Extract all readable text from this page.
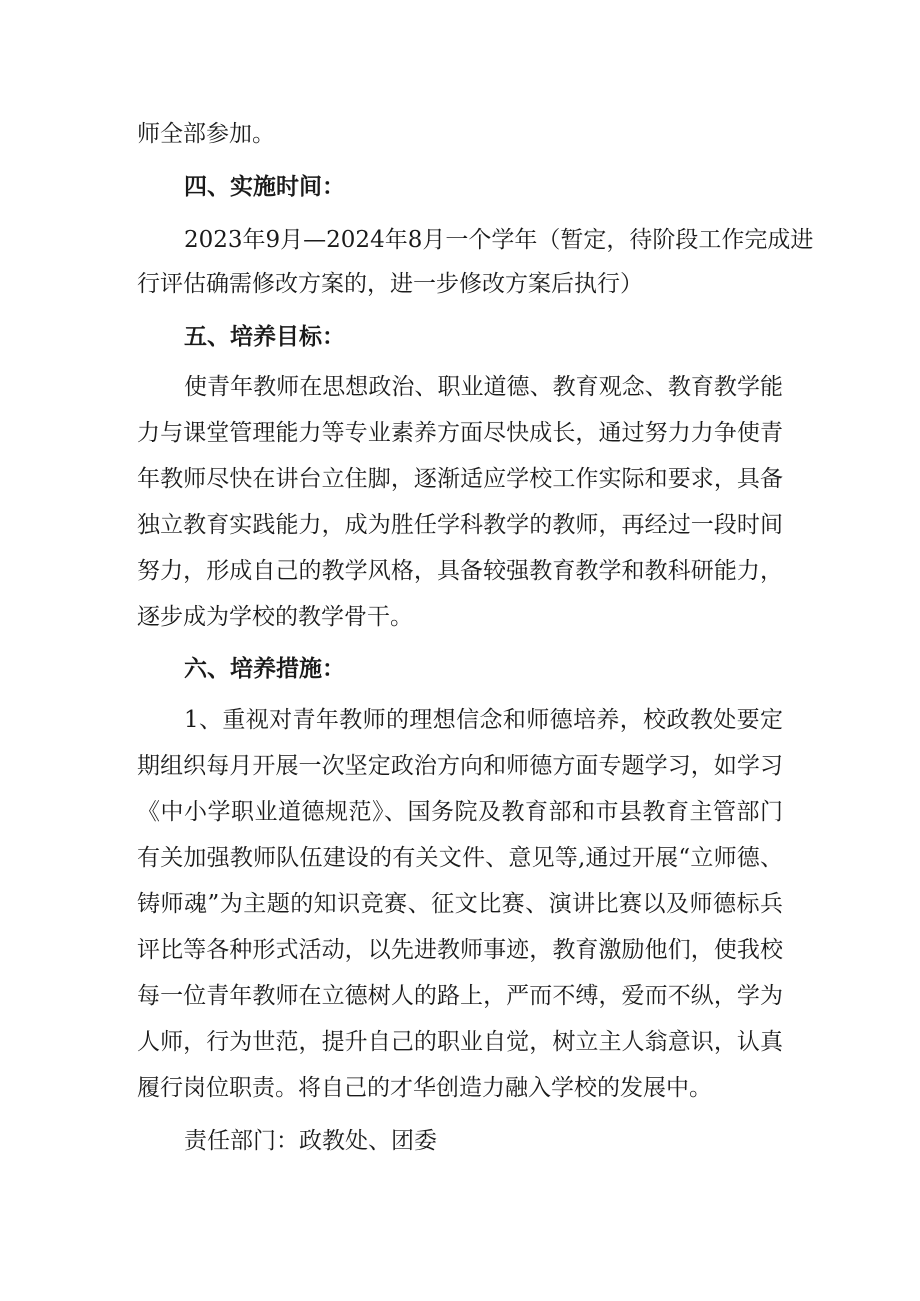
师全部参加。
四、实施时间：
2023年9月—2024年8月一个学年（暂定，待阶段工作完成进
行评估确需修改方案的，进一步修改方案后执行）
五、培养目标：
使青年教师在思想政治、职业道德、教育观念、教育教学能
力与课堂管理能力等专业素养方面尽快成长，通过努力力争使青
年教师尽快在讲台立住脚，逐渐适应学校工作实际和要求，具备
独立教育实践能力，成为胜任学科教学的教师，再经过一段时间
努力，形成自己的教学风格，具备较强教育教学和教科研能力，
逐步成为学校的教学骨干。
六、培养措施：
1、重视对青年教师的理想信念和师德培养，校政教处要定
期组织每月开展一次坚定政治方向和师德方面专题学习，如学习
《中小学职业道德规范》、国务院及教育部和市县教育主管部门
有关加强教师队伍建设的有关文件、意见等,通过开展“立师德、
铸师魂”为主题的知识竞赛、征文比赛、演讲比赛以及师德标兵
评比等各种形式活动，以先进教师事迹，教育激励他们，使我校
每一位青年教师在立德树人的路上，严而不缚，爱而不纵，学为
人师，行为世范，提升自己的职业自觉，树立主人翁意识，认真
履行岗位职责。将自己的才华创造力融入学校的发展中。
责任部门：政教处、团委
